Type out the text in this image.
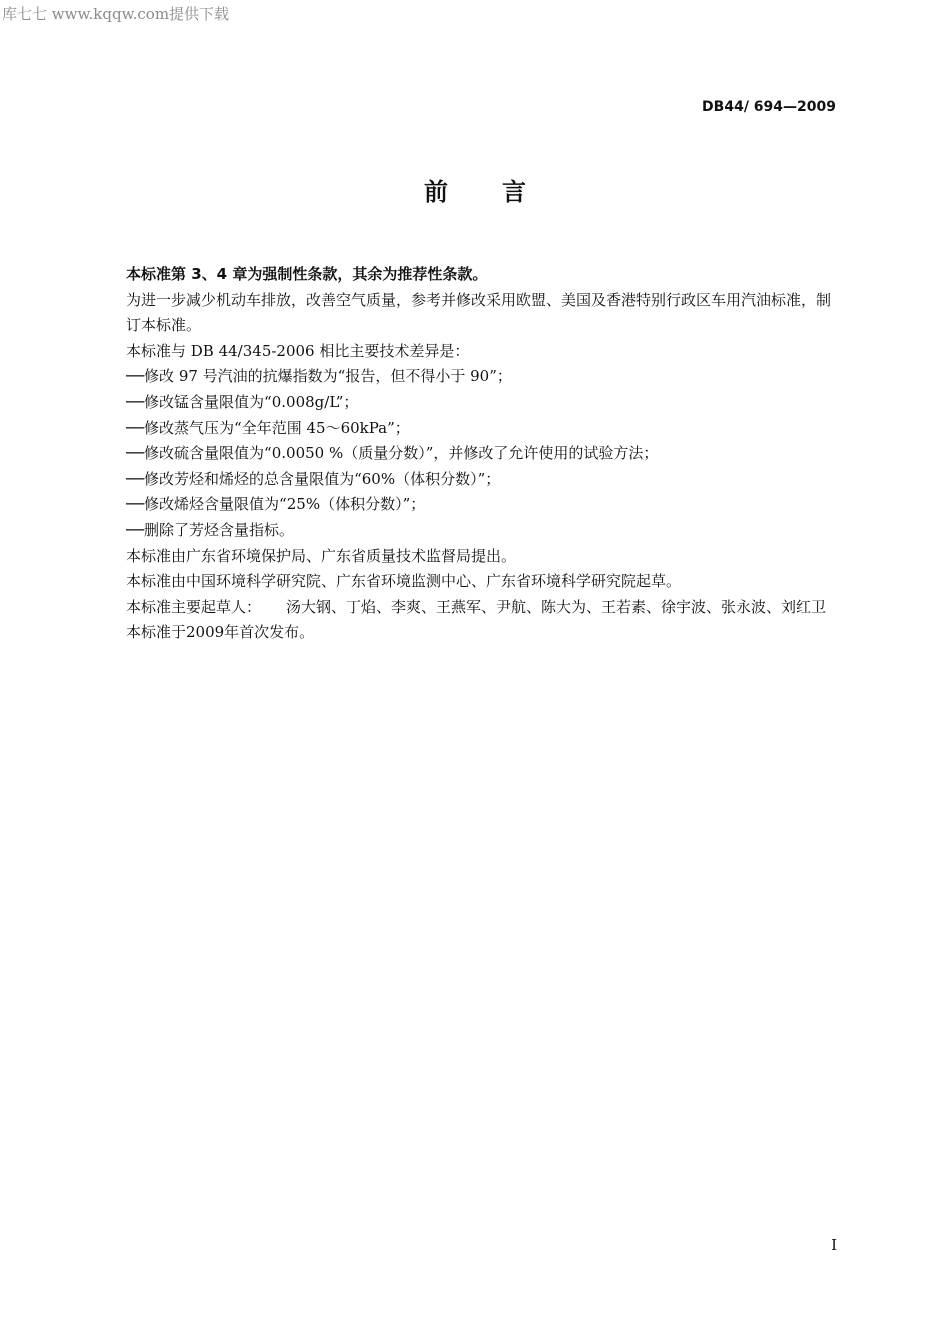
库七七 www.kqqw.com提供下载
DB44/ 694—2009
前言
本标准第 3、4 章为强制性条款，其余为推荐性条款。
为进一步减少机动车排放，改善空气质量，参考并修改采用欧盟、美国及香港特别行政区车用汽油标准，制订本标准。
本标准与 DB 44/345-2006 相比主要技术差异是：
──修改 97 号汽油的抗爆指数为“报告，但不得小于 90”；
──修改锰含量限值为“0.008g/L”；
──修改蒸气压为“全年范围 45～60kPa”；
──修改硫含量限值为“0.0050 %（质量分数）”，并修改了允许使用的试验方法；
──修改芳烃和烯烃的总含量限值为“60%（体积分数）”；
──修改烯烃含量限值为“25%（体积分数）”；
──删除了芳烃含量指标。
本标准由广东省环境保护局、广东省质量技术监督局提出。
本标准由中国环境科学研究院、广东省环境监测中心、广东省环境科学研究院起草。
本标准主要起草人：	汤大钢、丁焰、李爽、王燕军、尹航、陈大为、王若素、徐宇波、张永波、刘红卫
本标准于2009年首次发布。
I
